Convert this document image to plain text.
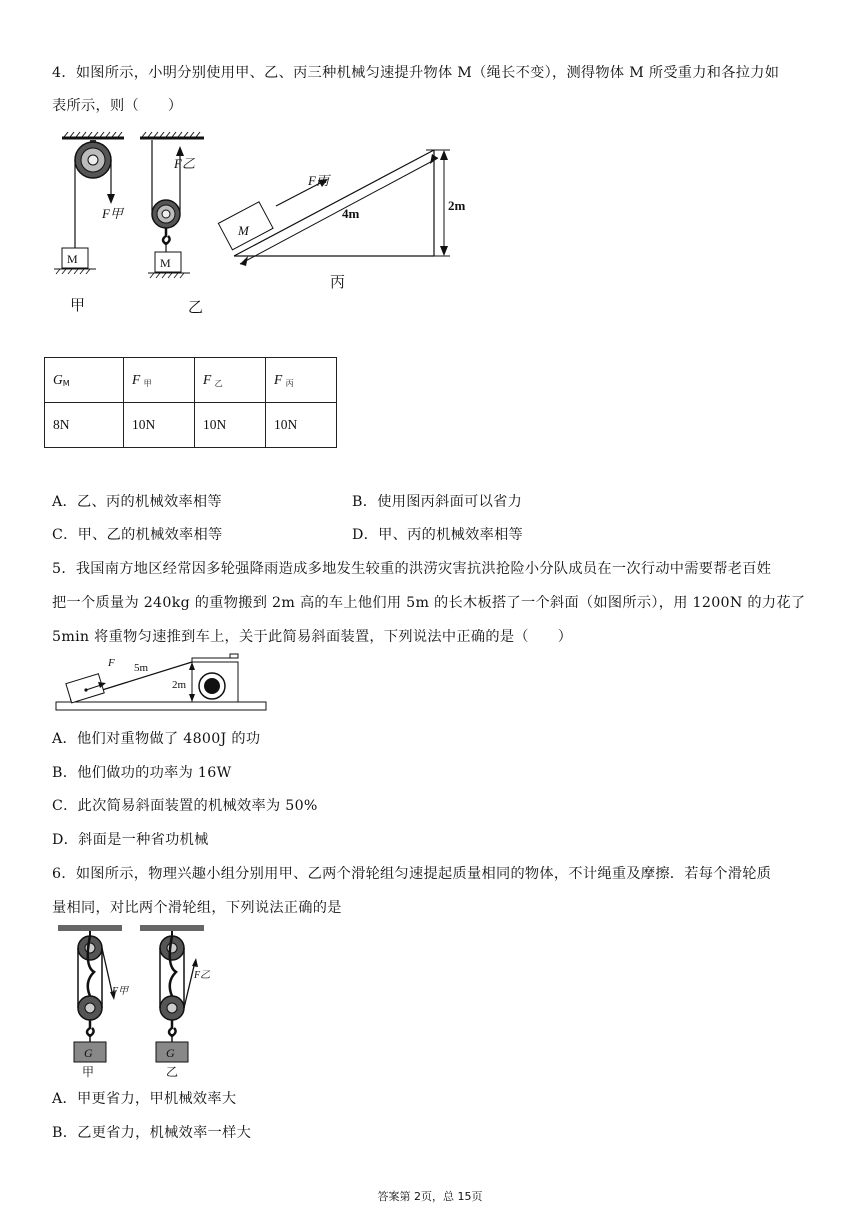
4．如图所示，小明分别使用甲、乙、丙三种机械匀速提升物体 M（绳长不变），测得物体 M 所受重力和各拉力如
表所示，则（　　）
F甲
M
甲
F乙
M
乙
M
F丙
4m
2m
丙
$G_M$	F $_甲$	F $_乙$	F $_丙$
8N	10N	10N	10N
A．乙、丙的机械效率相等	B．使用图丙斜面可以省力
C．甲、乙的机械效率相等	D．甲、丙的机械效率相等
5．我国南方地区经常因多轮强降雨造成多地发生较重的洪涝灾害抗洪抢险小分队成员在一次行动中需要帮老百姓
把一个质量为 240kg 的重物搬到 2m 高的车上他们用 5m 的长木板搭了一个斜面（如图所示），用 1200N 的力花了
5min 将重物匀速推到车上，关于此简易斜面装置，下列说法中正确的是（　　）
F 5m
2m
A．他们对重物做了 4800J 的功
B．他们做功的功率为 16W
C．此次简易斜面装置的机械效率为 50%
D．斜面是一种省功机械
6．如图所示，物理兴趣小组分别用甲、乙两个滑轮组匀速提起质量相同的物体，不计绳重及摩擦．若每个滑轮质
量相同，对比两个滑轮组，下列说法正确的是
F甲
G
甲
F乙
G
乙
A．甲更省力，甲机械效率大
B．乙更省力，机械效率一样大
答案第 2页，总 15页
